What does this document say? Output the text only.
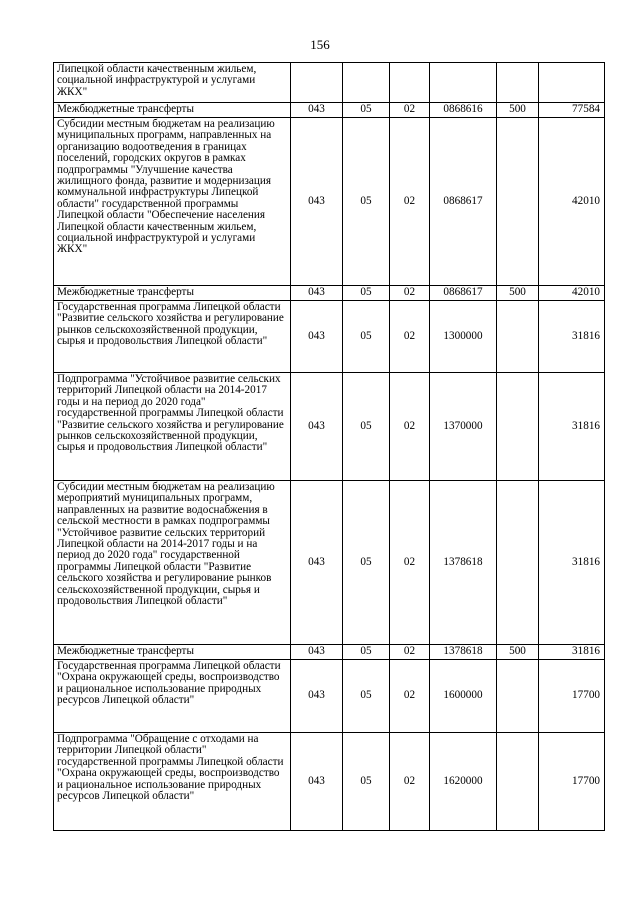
156
Липецкой области качественным жильем, социальной инфраструктурой и услугами ЖКХ"						
Межбюджетные трансферты	043	05	02	0868616	500	77584
Субсидии местным бюджетам на реализацию муниципальных программ, направленных на организацию водоотведения в границах поселений, городских округов в рамках подпрограммы "Улучшение качества жилищного фонда, развитие и модернизация коммунальной инфраструктуры Липецкой области" государственной программы Липецкой области "Обеспечение населения Липецкой области качественным жильем, социальной инфраструктурой и услугами ЖКХ"	043	05	02	0868617		42010
Межбюджетные трансферты	043	05	02	0868617	500	42010
Государственная программа Липецкой области "Развитие сельского хозяйства и регулирование рынков сельскохозяйственной продукции, сырья и продовольствия Липецкой области"	043	05	02	1300000		31816
Подпрограмма "Устойчивое развитие сельских территорий Липецкой области на 2014-2017 годы и на период до 2020 года" государственной программы Липецкой области "Развитие сельского хозяйства и регулирование рынков сельскохозяйственной продукции, сырья и продовольствия Липецкой области"	043	05	02	1370000		31816
Субсидии местным бюджетам на реализацию мероприятий муниципальных программ, направленных на развитие водоснабжения в сельской местности в рамках подпрограммы "Устойчивое развитие сельских территорий Липецкой области на 2014-2017 годы и на период до 2020 года" государственной программы Липецкой области "Развитие сельского хозяйства и регулирование рынков сельскохозяйственной продукции, сырья и продовольствия Липецкой области"	043	05	02	1378618		31816
Межбюджетные трансферты	043	05	02	1378618	500	31816
Государственная программа Липецкой области "Охрана окружающей среды, воспроизводство и рациональное использование природных ресурсов Липецкой области"	043	05	02	1600000		17700
Подпрограмма "Обращение с отходами на территории Липецкой области" государственной программы Липецкой области "Охрана окружающей среды, воспроизводство и рациональное использование природных ресурсов Липецкой области"	043	05	02	1620000		17700
